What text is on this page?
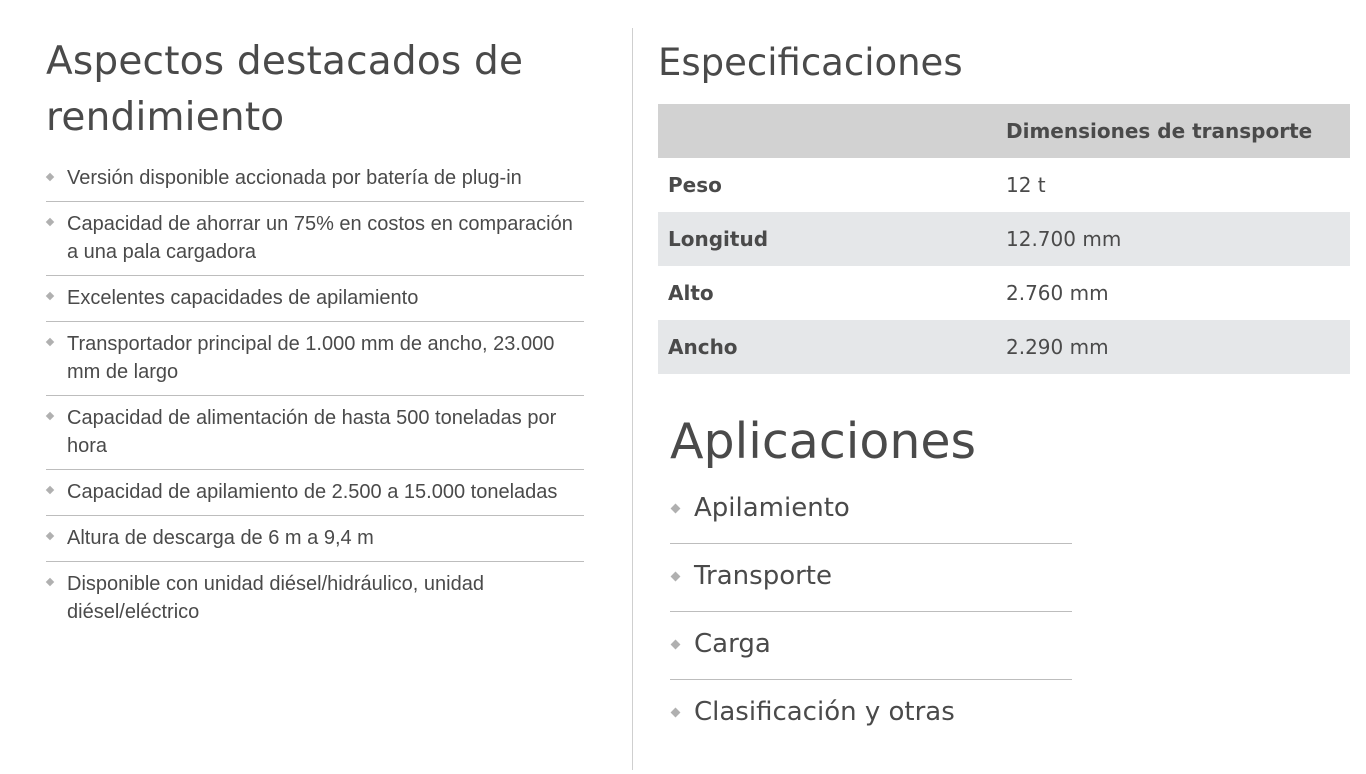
Aspectos destacados de rendimiento
Versión disponible accionada por batería de plug-in
Capacidad de ahorrar un 75% en costos en comparación a una pala cargadora
Excelentes capacidades de apilamiento
Transportador principal de 1.000 mm de ancho, 23.000 mm de largo
Capacidad de alimentación de hasta 500 toneladas por hora
Capacidad de apilamiento de 2.500 a 15.000 toneladas
Altura de descarga de 6 m a 9,4 m
Disponible con unidad diésel/hidráulico, unidad diésel/eléctrico
Especificaciones
	Dimensiones de transporte
Peso	12 t
Longitud	12.700 mm
Alto	2.760 mm
Ancho	2.290 mm
Aplicaciones
Apilamiento
Transporte
Carga
Clasificación y otras
